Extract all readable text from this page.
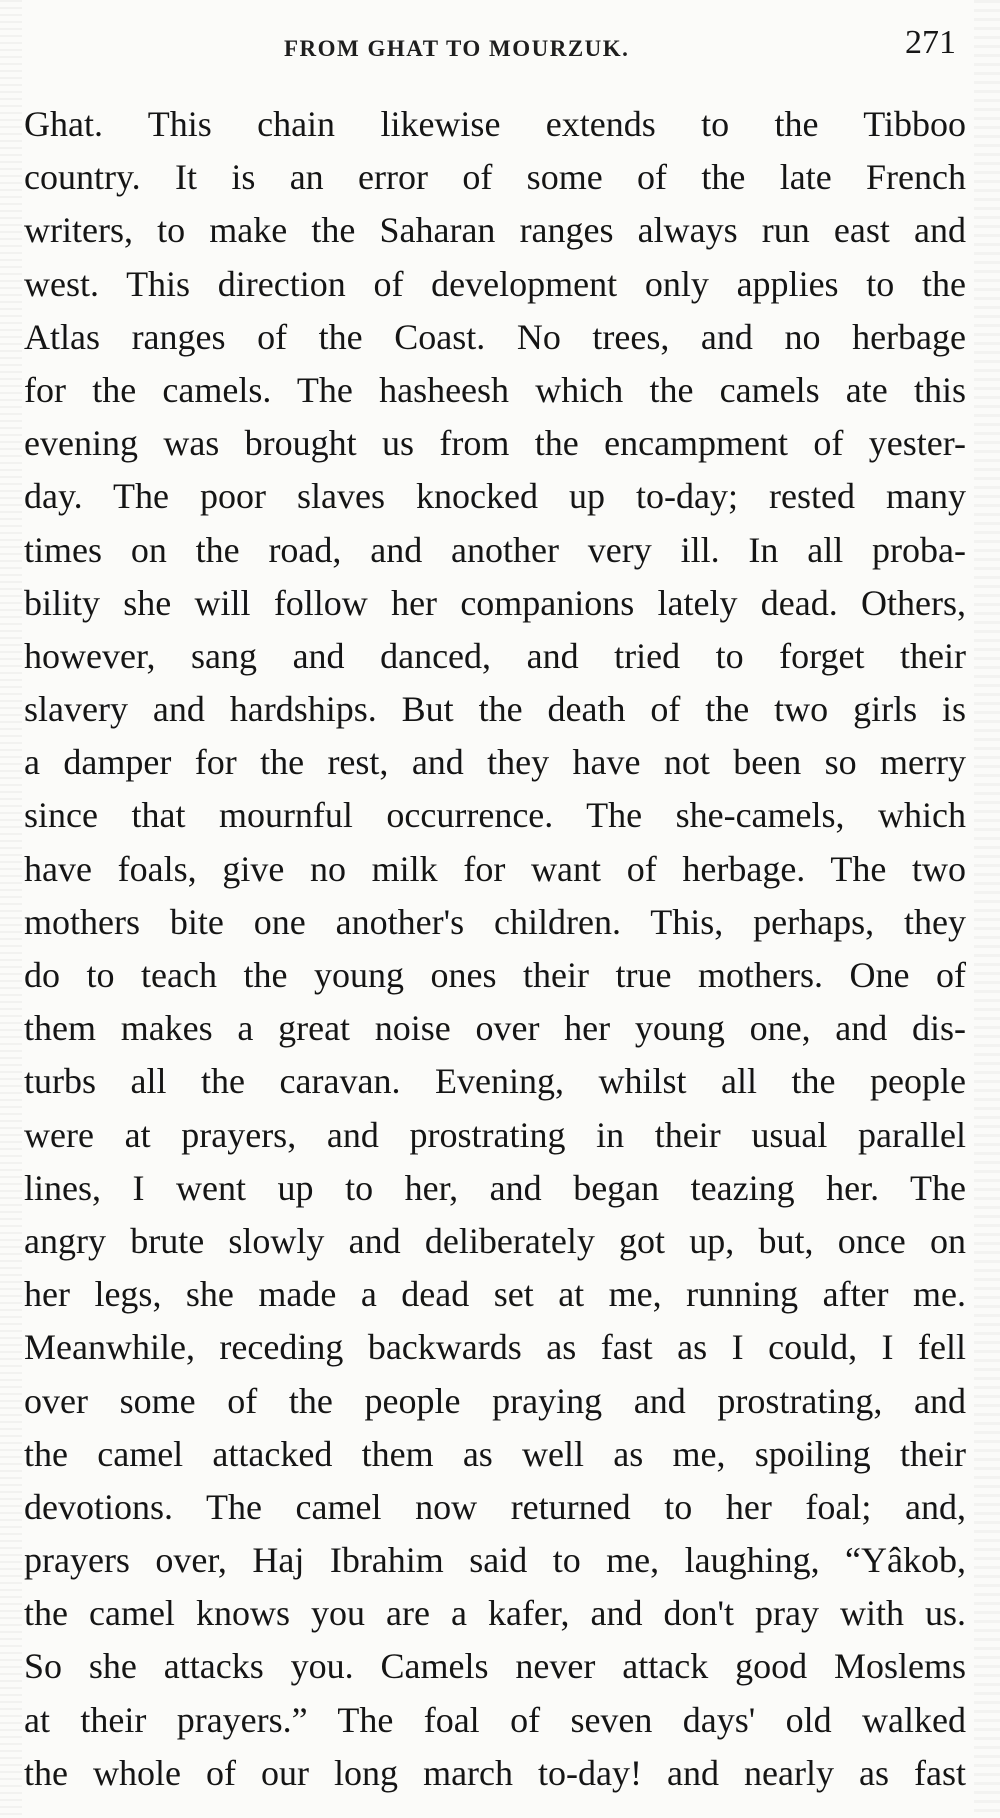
FROM GHAT TO MOURZUK.	271
Ghat. This chain likewise extends to the Tibboo
country. It is an error of some of the late French
writers, to make the Saharan ranges always run east and
west. This direction of development only applies to the
Atlas ranges of the Coast. No trees, and no herbage
for the camels. The hasheesh which the camels ate this
evening was brought us from the encampment of yester-
day. The poor slaves knocked up to-day; rested many
times on the road, and another very ill. In all proba-
bility she will follow her companions lately dead. Others,
however, sang and danced, and tried to forget their
slavery and hardships. But the death of the two girls is
a damper for the rest, and they have not been so merry
since that mournful occurrence. The she-camels, which
have foals, give no milk for want of herbage. The two
mothers bite one another's children. This, perhaps, they
do to teach the young ones their true mothers. One of
them makes a great noise over her young one, and dis-
turbs all the caravan. Evening, whilst all the people
were at prayers, and prostrating in their usual parallel
lines, I went up to her, and began teazing her. The
angry brute slowly and deliberately got up, but, once on
her legs, she made a dead set at me, running after me.
Meanwhile, receding backwards as fast as I could, I fell
over some of the people praying and prostrating, and
the camel attacked them as well as me, spoiling their
devotions. The camel now returned to her foal; and,
prayers over, Haj Ibrahim said to me, laughing, “Yâkob,
the camel knows you are a kafer, and don't pray with us.
So she attacks you. Camels never attack good Moslems
at their prayers.” The foal of seven days' old walked
the whole of our long march to-day! and nearly as fast
